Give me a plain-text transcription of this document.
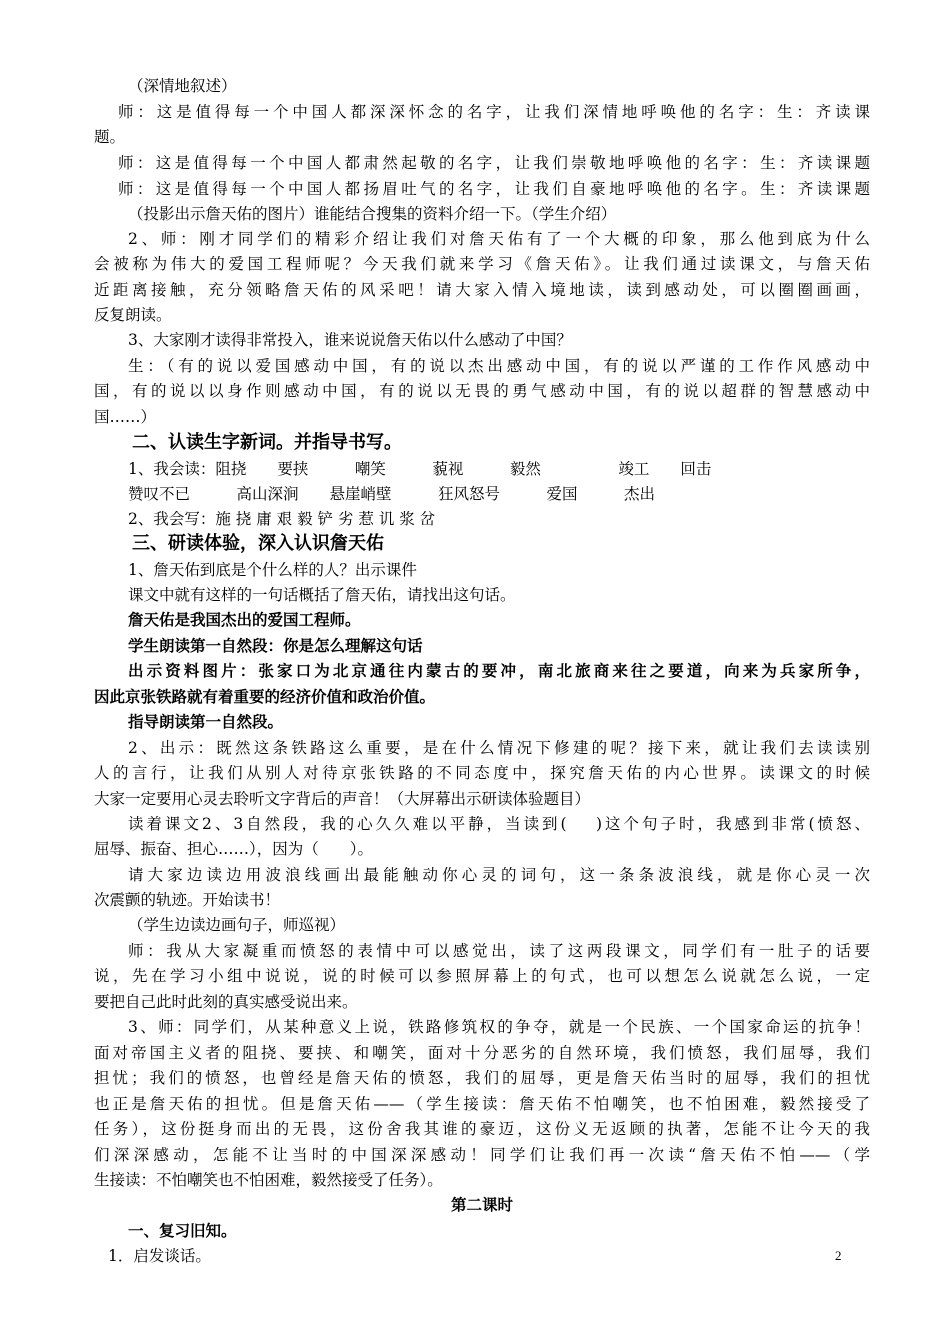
（深情地叙述）
师：这是值得每一个中国人都深深怀念的名字，让我们深情地呼唤他的名字：生：齐读课
题。
师：这是值得每一个中国人都肃然起敬的名字，让我们崇敬地呼唤他的名字：生：齐读课题
师：这是值得每一个中国人都扬眉吐气的名字，让我们自豪地呼唤他的名字。生：齐读课题
（投影出示詹天佑的图片）谁能结合搜集的资料介绍一下。（学生介绍）
2、师：刚才同学们的精彩介绍让我们对詹天佑有了一个大概的印象，那么他到底为什么
会被称为伟大的爱国工程师呢？今天我们就来学习《詹天佑》。让我们通过读课文，与詹天佑
近距离接触，充分领略詹天佑的风采吧！请大家入情入境地读，读到感动处，可以圈圈画画，
反复朗读。
3、大家刚才读得非常投入，谁来说说詹天佑以什么感动了中国？
生：（有的说以爱国感动中国，有的说以杰出感动中国，有的说以严谨的工作作风感动中
国，有的说以以身作则感动中国，有的说以无畏的勇气感动中国，有的说以超群的智慧感动中
国……）
二、认读生字新词。并指导书写。
1、我会读：阻挠　　要挟　　　嘲笑　　　藐视　　　毅然　　　　　竣工　　回击
赞叹不已　　　高山深涧　　悬崖峭壁　　　狂风怒号　　　爱国　　　杰出
2、我会写：施 挠 庸 艰 毅 铲 劣 惹 讥 浆 岔
三、研读体验，深入认识詹天佑
1、詹天佑到底是个什么样的人？出示课件
课文中就有这样的一句话概括了詹天佑，请找出这句话。
詹天佑是我国杰出的爱国工程师。
学生朗读第一自然段：你是怎么理解这句话
出示资料图片：张家口为北京通往内蒙古的要冲，南北旅商来往之要道，向来为兵家所争，
因此京张铁路就有着重要的经济价值和政治价值。
指导朗读第一自然段。
2、出示：既然这条铁路这么重要，是在什么情况下修建的呢？接下来，就让我们去读读别
人的言行，让我们从别人对待京张铁路的不同态度中，探究詹天佑的内心世界。读课文的时候
大家一定要用心灵去聆听文字背后的声音！（大屏幕出示研读体验题目）
读着课文2、3自然段，我的心久久难以平静，当读到(　 )这个句子时，我感到非常(愤怒、
屈辱、振奋、担心……），因为（　　）。
请大家边读边用波浪线画出最能触动你心灵的词句，这一条条波浪线，就是你心灵一次
次震颤的轨迹。开始读书！
（学生边读边画句子，师巡视）
师：我从大家凝重而愤怒的表情中可以感觉出，读了这两段课文，同学们有一肚子的话要
说，先在学习小组中说说，说的时候可以参照屏幕上的句式，也可以想怎么说就怎么说，一定
要把自己此时此刻的真实感受说出来。
3、师：同学们，从某种意义上说，铁路修筑权的争夺，就是一个民族、一个国家命运的抗争！
面对帝国主义者的阻挠、要挟、和嘲笑，面对十分恶劣的自然环境，我们愤怒，我们屈辱，我们
担忧；我们的愤怒，也曾经是詹天佑的愤怒，我们的屈辱，更是詹天佑当时的屈辱，我们的担忧
也正是詹天佑的担忧。但是詹天佑——（学生接读：詹天佑不怕嘲笑，也不怕困难，毅然接受了
任务），这份挺身而出的无畏，这份舍我其谁的豪迈，这份义无返顾的执著，怎能不让今天的我
们深深感动，怎能不让当时的中国深深感动！同学们让我们再一次读“詹天佑不怕——（学
生接读：不怕嘲笑也不怕困难，毅然接受了任务）。
第二课时
一、复习旧知。
1．启发谈话。	2
